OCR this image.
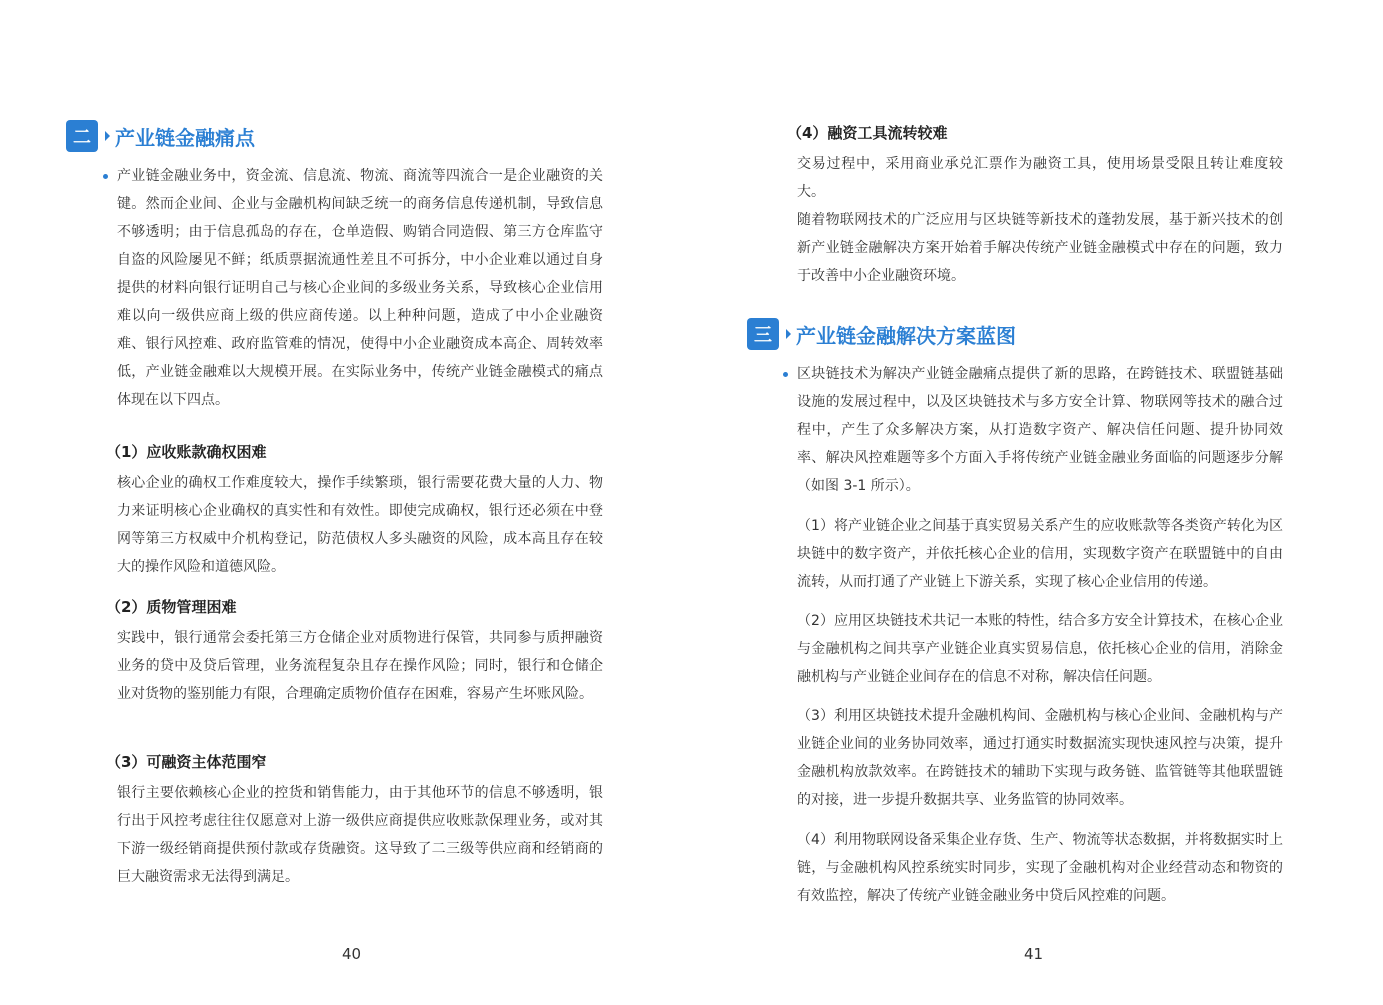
二	产业链金融痛点

产业链金融业务中，资金流、信息流、物流、商流等四流合一是企业融资的关键。然而企业间、企业与金融机构间缺乏统一的商务信息传递机制，导致信息不够透明；由于信息孤岛的存在，仓单造假、购销合同造假、第三方仓库监守自盗的风险屡见不鲜；纸质票据流通性差且不可拆分，中小企业难以通过自身提供的材料向银行证明自己与核心企业间的多级业务关系，导致核心企业信用难以向一级供应商上级的供应商传递。以上种种问题，造成了中小企业融资难、银行风控难、政府监管难的情况，使得中小企业融资成本高企、周转效率低，产业链金融难以大规模开展。在实际业务中，传统产业链金融模式的痛点体现在以下四点。

（1）应收账款确权困难

核心企业的确权工作难度较大，操作手续繁琐，银行需要花费大量的人力、物力来证明核心企业确权的真实性和有效性。即使完成确权，银行还必须在中登网等第三方权威中介机构登记，防范债权人多头融资的风险，成本高且存在较大的操作风险和道德风险。

（2）质物管理困难

实践中，银行通常会委托第三方仓储企业对质物进行保管，共同参与质押融资业务的贷中及贷后管理，业务流程复杂且存在操作风险；同时，银行和仓储企业对货物的鉴别能力有限，合理确定质物价值存在困难，容易产生坏账风险。

（3）可融资主体范围窄

银行主要依赖核心企业的控货和销售能力，由于其他环节的信息不够透明，银行出于风控考虑往往仅愿意对上游一级供应商提供应收账款保理业务，或对其下游一级经销商提供预付款或存货融资。这导致了二三级等供应商和经销商的巨大融资需求无法得到满足。

40
（4）融资工具流转较难

交易过程中，采用商业承兑汇票作为融资工具，使用场景受限且转让难度较大。

随着物联网技术的广泛应用与区块链等新技术的蓬勃发展，基于新兴技术的创新产业链金融解决方案开始着手解决传统产业链金融模式中存在的问题，致力于改善中小企业融资环境。

三	产业链金融解决方案蓝图

区块链技术为解决产业链金融痛点提供了新的思路，在跨链技术、联盟链基础设施的发展过程中，以及区块链技术与多方安全计算、物联网等技术的融合过程中，产生了众多解决方案，从打造数字资产、解决信任问题、提升协同效率、解决风控难题等多个方面入手将传统产业链金融业务面临的问题逐步分解（如图 3-1 所示）。

（1）将产业链企业之间基于真实贸易关系产生的应收账款等各类资产转化为区块链中的数字资产，并依托核心企业的信用，实现数字资产在联盟链中的自由流转，从而打通了产业链上下游关系，实现了核心企业信用的传递。

（2）应用区块链技术共记一本账的特性，结合多方安全计算技术，在核心企业与金融机构之间共享产业链企业真实贸易信息，依托核心企业的信用，消除金融机构与产业链企业间存在的信息不对称，解决信任问题。

（3）利用区块链技术提升金融机构间、金融机构与核心企业间、金融机构与产业链企业间的业务协同效率，通过打通实时数据流实现快速风控与决策，提升金融机构放款效率。在跨链技术的辅助下实现与政务链、监管链等其他联盟链的对接，进一步提升数据共享、业务监管的协同效率。

（4）利用物联网设备采集企业存货、生产、物流等状态数据，并将数据实时上链，与金融机构风控系统实时同步，实现了金融机构对企业经营动态和物资的有效监控，解决了传统产业链金融业务中贷后风控难的问题。

41
